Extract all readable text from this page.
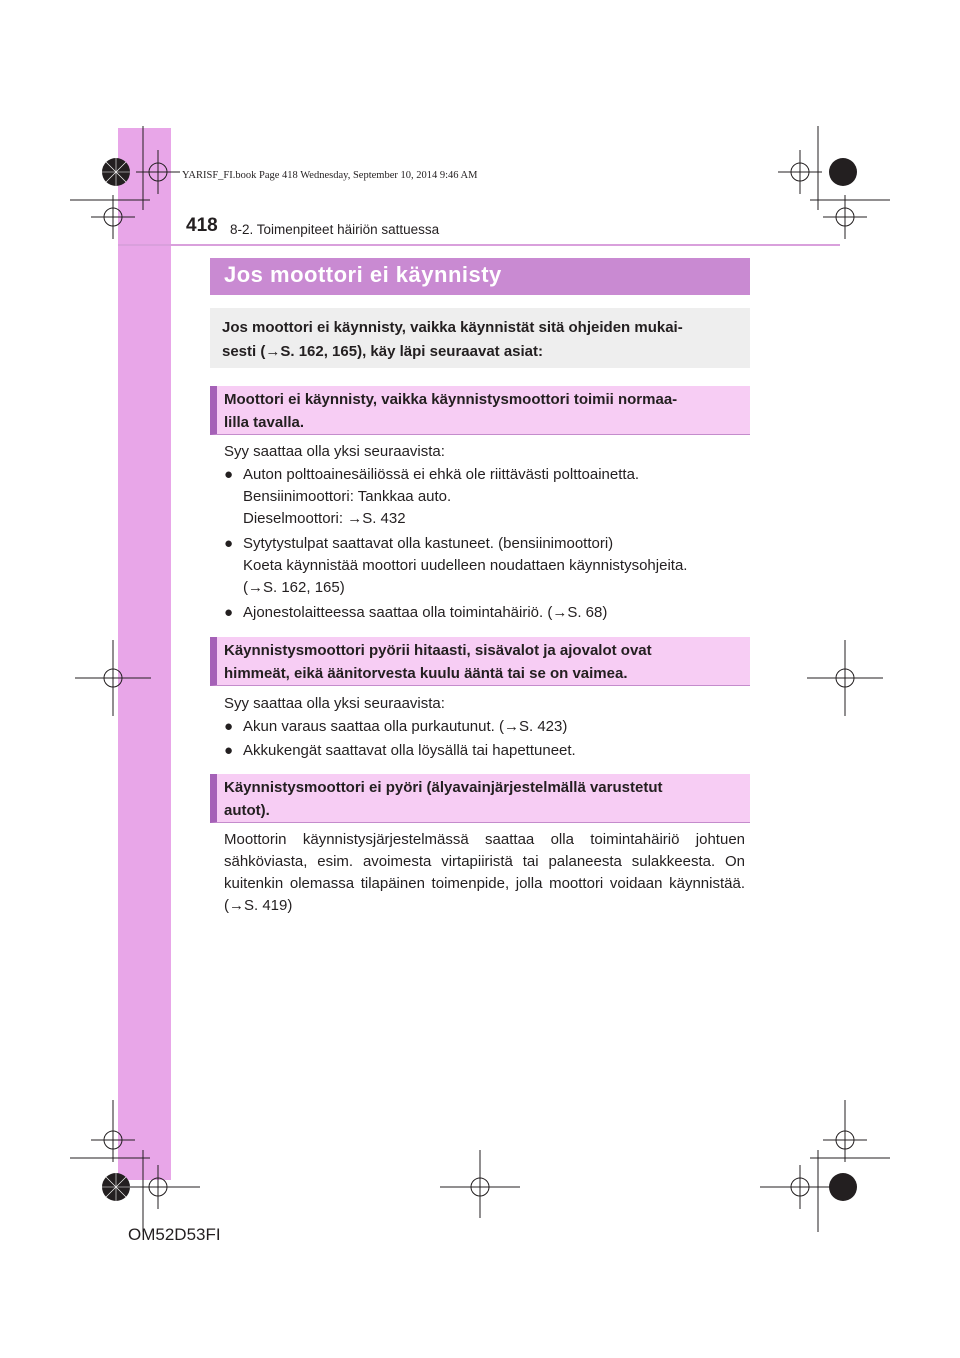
YARISF_FI.book Page 418 Wednesday, September 10, 2014 9:46 AM
418 8-2. Toimenpiteet häiriön sattuessa
Jos moottori ei käynnisty
Jos moottori ei käynnisty, vaikka käynnistät sitä ohjeiden mukai-
sesti (→S. 162, 165), käy läpi seuraavat asiat:
Moottori ei käynnisty, vaikka käynnistysmoottori toimii normaa-
lilla tavalla.
Syy saattaa olla yksi seuraavista:
● Auton polttoainesäiliössä ei ehkä ole riittävästi polttoainetta.
Bensiinimoottori: Tankkaa auto.
Dieselmoottori: →S. 432
● Sytytystulpat saattavat olla kastuneet. (bensiinimoottori)
Koeta käynnistää moottori uudelleen noudattaen käynnistysohjeita.
(→S. 162, 165)
● Ajonestolaitteessa saattaa olla toimintahäiriö. (→S. 68)
Käynnistysmoottori pyörii hitaasti, sisävalot ja ajovalot ovat
himmeät, eikä äänitorvesta kuulu ääntä tai se on vaimea.
Syy saattaa olla yksi seuraavista:
● Akun varaus saattaa olla purkautunut. (→S. 423)
● Akkukengät saattavat olla löysällä tai hapettuneet.
Käynnistysmoottori ei pyöri (älyavainjärjestelmällä varustetut
autot).
Moottorin käynnistysjärjestelmässä saattaa olla toimintahäiriö johtuen sähköviasta, esim. avoimesta virtapiiristä tai palaneesta sulakkeesta. On kuitenkin olemassa tilapäinen toimenpide, jolla moottori voidaan käynnistää. (→S. 419)
OM52D53FI
